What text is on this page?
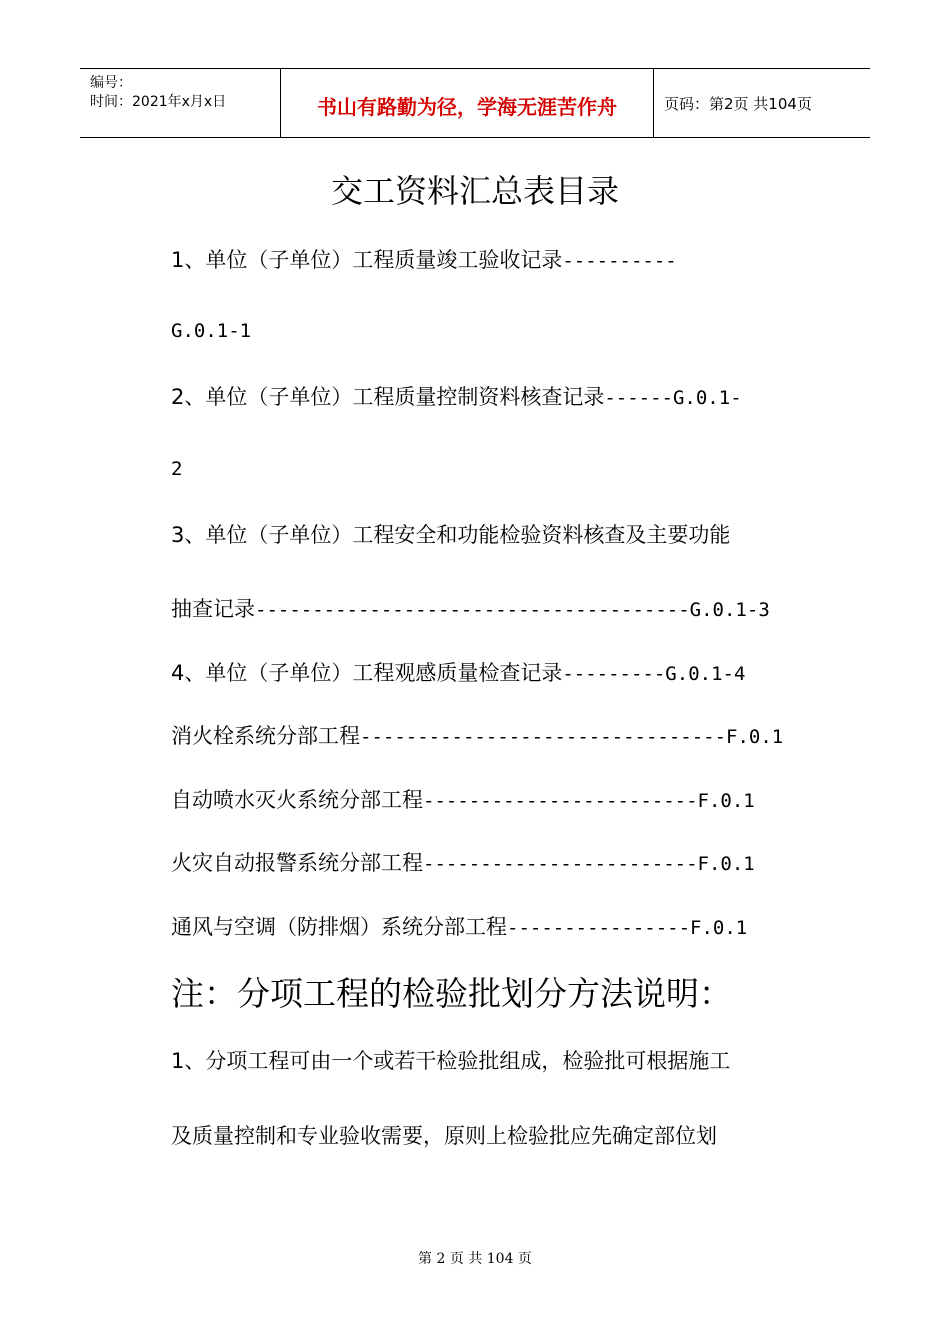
编号：
时间：2021年x月x日	书山有路勤为径，学海无涯苦作舟	页码：第2页 共104页
交工资料汇总表目录
1、单位（子单位）工程质量竣工验收记录----------
G.0.1-1
2、单位（子单位）工程质量控制资料核查记录------G.0.1-
2
3、单位（子单位）工程安全和功能检验资料核查及主要功能
抽查记录--------------------------------------G.0.1-3
4、单位（子单位）工程观感质量检查记录---------G.0.1-4
消火栓系统分部工程--------------------------------F.0.1
自动喷水灭火系统分部工程------------------------F.0.1
火灾自动报警系统分部工程------------------------F.0.1
通风与空调（防排烟）系统分部工程----------------F.0.1
注：分项工程的检验批划分方法说明：
1、分项工程可由一个或若干检验批组成，检验批可根据施工
及质量控制和专业验收需要，原则上检验批应先确定部位划
第 2 页 共 104 页
